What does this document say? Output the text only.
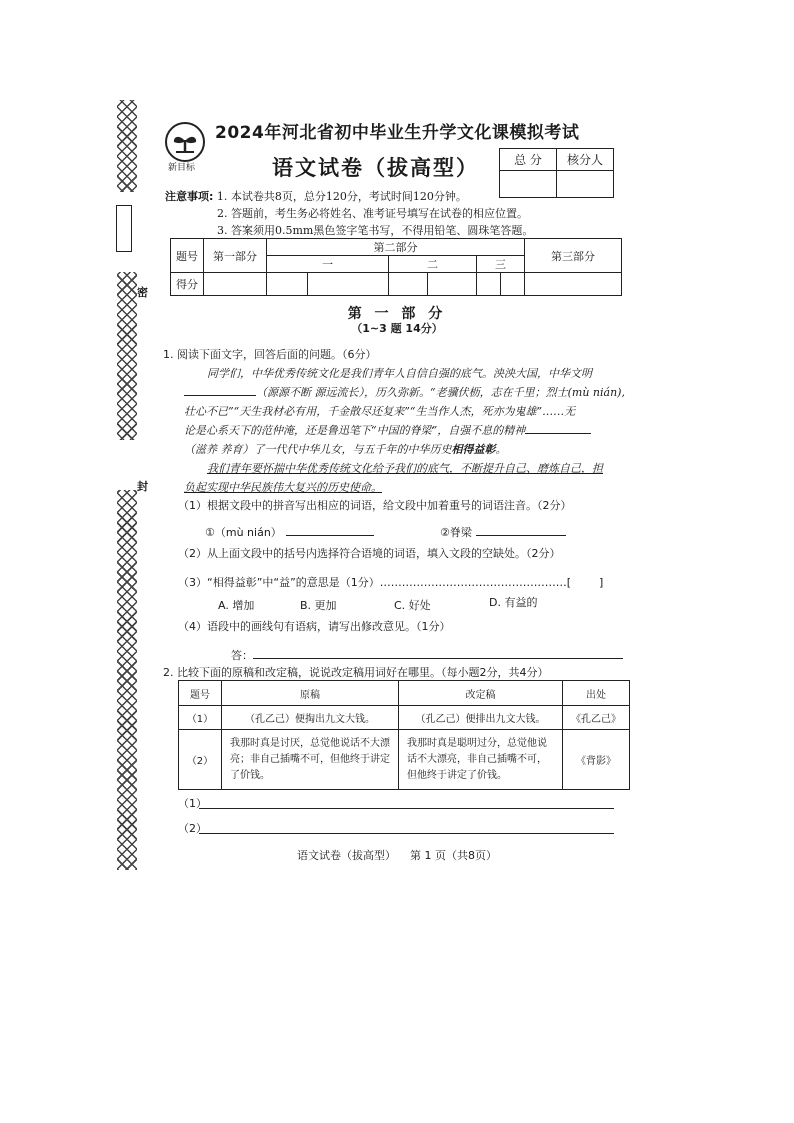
密
封
新目标
2024年河北省初中毕业生升学文化课模拟考试
语文试卷（拔高型）	总 分	核分人

注意事项: 1. 本试卷共8页，总分120分，考试时间120分钟。
2. 答题前，考生务必将姓名、准考证号填写在试卷的相应位置。
3. 答案须用0.5mm黑色签字笔书写，不得用铅笔、圆珠笔答题。
题号	第一部分	第二部分						第三部分
		一		二		三		
得分								
第 一 部 分
（1~3 题 14分）
1. 阅读下面文字，回答后面的问题。（6分）
同学们，中华优秀传统文化是我们青年人自信自强的底气。泱泱大国，中华文明
（源源不断 源远流长），历久弥新。“老骥伏枥，志在千里；烈士(mù nián),
壮心不已”“天生我材必有用，千金散尽还复来”“生当作人杰，死亦为鬼雄”……无
论是心系天下的范仲淹，还是鲁迅笔下“中国的脊梁”，自强不息的精神
（滋养 养育）了一代代中华儿女，与五千年的中华历史相得益彰。
我们青年要怀揣中华优秀传统文化给予我们的底气，不断提升自己、磨炼自己，担
负起实现中华民族伟大复兴的历史使命。
（1）根据文段中的拼音写出相应的词语，给文段中加着重号的词语注音。（2分）
①（mù nián）	②脊梁
（2）从上面文段中的括号内选择符合语境的词语，填入文段的空缺处。（2分）
（3）“相得益彰”中“益”的意思是（1分）……………………………………………[        ]
A. 增加	B. 更加	C. 好处	D. 有益的
（4）语段中的画线句有语病，请写出修改意见。（1分）
答：
2. 比较下面的原稿和改定稿，说说改定稿用词好在哪里。（每小题2分，共4分）
题号	原稿	改定稿	出处
（1）	（孔乙己）便掏出九文大钱。	（孔乙己）便排出九文大钱。	《孔乙己》
（2）	我那时真是讨厌，总觉他说话不大漂亮；非自己插嘴不可，但他终于讲定了价钱。	我那时真是聪明过分，总觉他说话不大漂亮，非自己插嘴不可，但他终于讲定了价钱。	《背影》
（1）
（2）
语文试卷（拔高型）    第 1 页（共8页）
